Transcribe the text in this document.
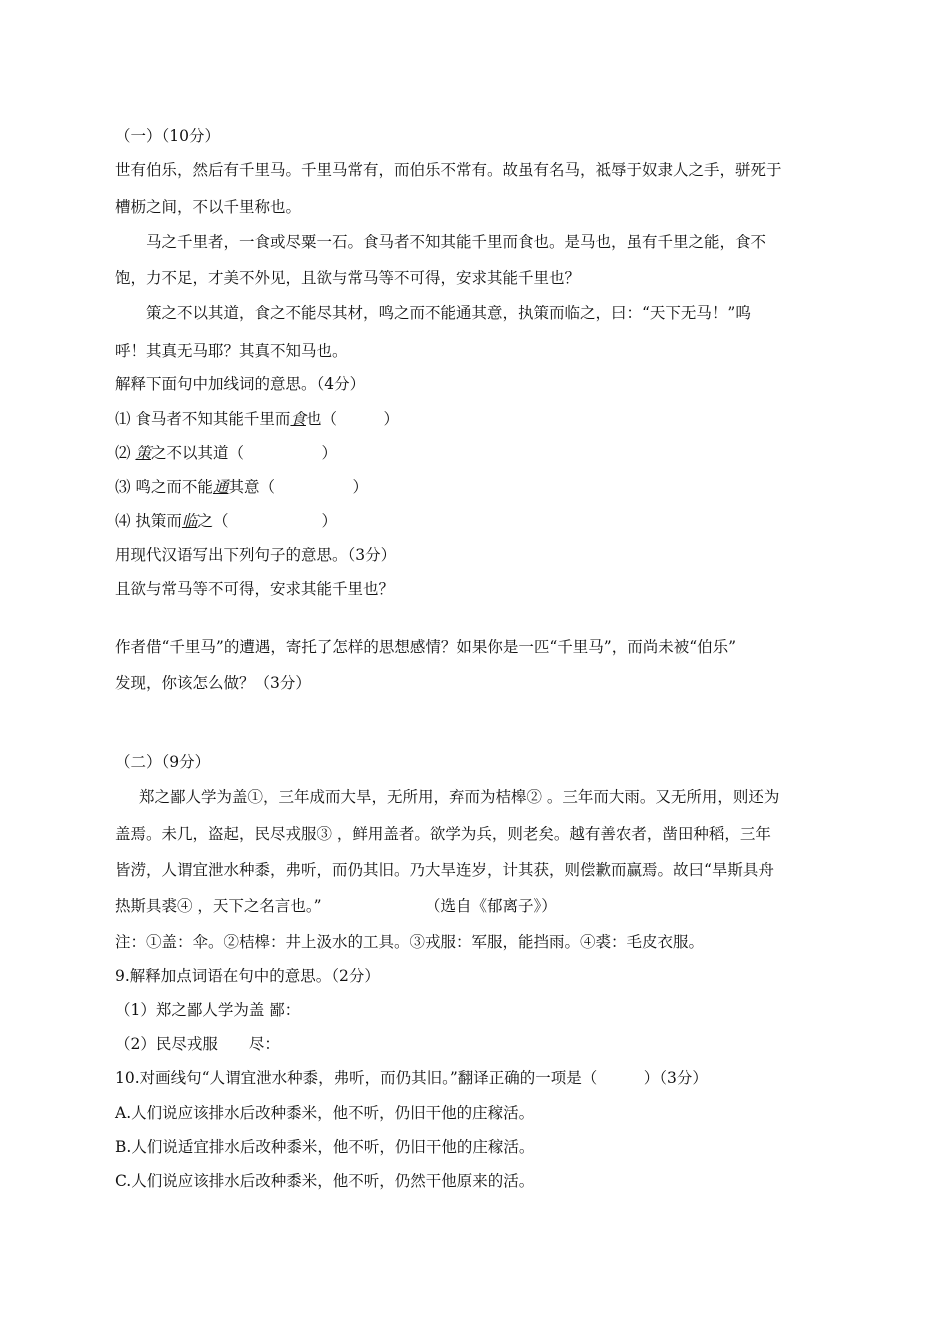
（一）（10分）
世有伯乐，然后有千里马。千里马常有，而伯乐不常有。故虽有名马，祗辱于奴隶人之手，骈死于
槽枥之间，不以千里称也。
马之千里者，一食或尽粟一石。食马者不知其能千里而食也。是马也，虽有千里之能，食不
饱，力不足，才美不外见，且欲与常马等不可得，安求其能千里也？
策之不以其道，食之不能尽其材，鸣之而不能通其意，执策而临之，曰：“天下无马！”呜
呼！其真无马耶？其真不知马也。
解释下面句中加线词的意思。（4分）
⑴ 食马者不知其能千里而食也（　　　）
⑵ 策之不以其道（　　　　　）
⑶ 鸣之而不能通其意（　　　　　）
⑷ 执策而临之（　　　　　　）
用现代汉语写出下列句子的意思。（3分）
且欲与常马等不可得，安求其能千里也？
作者借“千里马”的遭遇，寄托了怎样的思想感情？如果你是一匹“千里马”，而尚未被“伯乐”
发现，你该怎么做？（3分）
（二）（9分）
郑之鄙人学为盖①，三年成而大旱，无所用，弃而为桔槔② 。三年而大雨。又无所用，则还为
盖焉。未几，盗起，民尽戎服③ ，鲜用盖者。欲学为兵，则老矣。越有善农者，凿田种稻，三年
皆涝，人谓宜泄水种黍，弗听，而仍其旧。乃大旱连岁，计其获，则偿歉而赢焉。故曰“旱斯具舟
热斯具裘④ ，天下之名言也。”	（选自《郁离子》）
注：①盖：伞。②桔槔：井上汲水的工具。③戎服：军服，能挡雨。④裘：毛皮衣服。
9.解释加点词语在句中的意思。（2分）
（1）郑之鄙人学为盖 鄙：
（2）民尽戎服　　尽：
10.对画线句“人谓宜泄水种黍，弗听，而仍其旧。”翻译正确的一项是（　　　）（3分）
A.人们说应该排水后改种黍米，他不听，仍旧干他的庄稼活。
B.人们说适宜排水后改种黍米，他不听，仍旧干他的庄稼活。
C.人们说应该排水后改种黍米，他不听，仍然干他原来的活。
